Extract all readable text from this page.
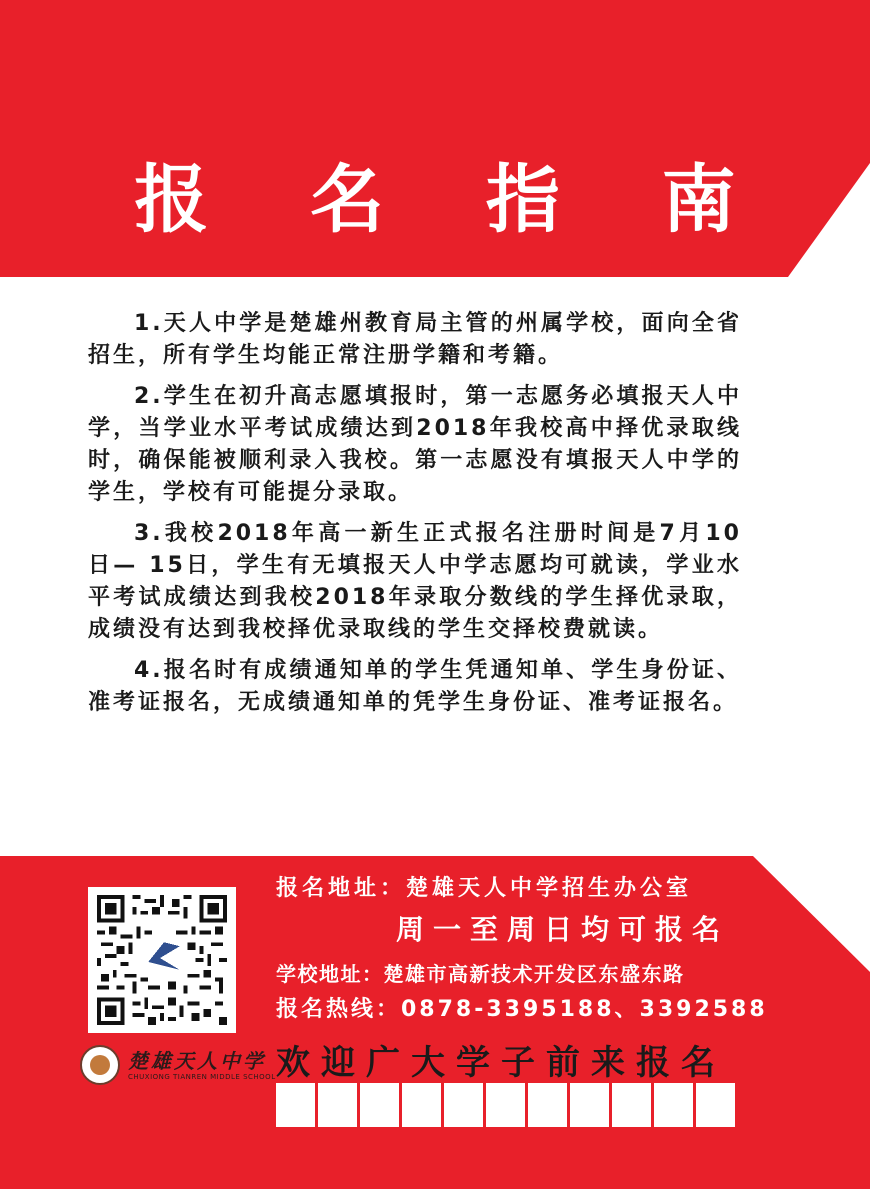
报 名 指 南

1.天人中学是楚雄州教育局主管的州属学校，面向全省招生，所有学生均能正常注册学籍和考籍。

2.学生在初升高志愿填报时，第一志愿务必填报天人中学，当学业水平考试成绩达到2018年我校高中择优录取线时，确保能被顺利录入我校。第一志愿没有填报天人中学的学生，学校有可能提分录取。

3.我校2018年高一新生正式报名注册时间是7月10 日— 15日，学生有无填报天人中学志愿均可就读，学业水平考试成绩达到我校2018年录取分数线的学生择优录取，成绩没有达到我校择优录取线的学生交择校费就读。

4.报名时有成绩通知单的学生凭通知单、学生身份证、准考证报名，无成绩通知单的凭学生身份证、准考证报名。

楚雄天人中学
CHUXIONG TIANREN MIDDLE SCHOOL
报名地址：楚雄天人中学招生办公室
周一至周日均可报名
学校地址：楚雄市高新技术开发区东盛东路
报名热线：0878-3395188、3392588
欢迎广大学子前来报名
